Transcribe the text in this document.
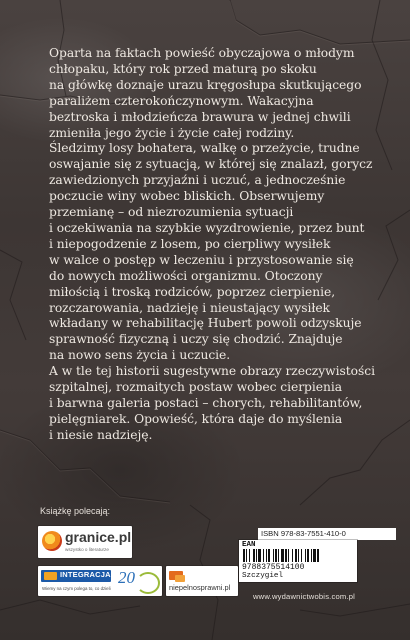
Oparta na faktach powieść obyczajowa o młodym
chłopaku, który rok przed maturą po skoku
na główkę doznaje urazu kręgosłupa skutkującego
paraliżem czterokończynowym. Wakacyjna
beztroska i młodzieńcza brawura w jednej chwili
zmieniła jego życie i życie całej rodziny.
Śledzimy losy bohatera, walkę o przeżycie, trudne
oswajanie się z sytuacją, w której się znalazł, gorycz
zawiedzionych przyjaźni i uczuć, a jednocześnie
poczucie winy wobec bliskich. Obserwujemy
przemianę – od niezrozumienia sytuacji
i oczekiwania na szybkie wyzdrowienie, przez bunt
i niepogodzenie z losem, po cierpliwy wysiłek
w walce o postęp w leczeniu i przystosowanie się
do nowych możliwości organizmu. Otoczony
miłością i troską rodziców, poprzez cierpienie,
rozczarowania, nadzieję i nieustający wysiłek
wkładany w rehabilitację Hubert powoli odzyskuje
sprawność fizyczną i uczy się chodzić. Znajduje
na nowo sens życia i uczucie.
A w tle tej historii sugestywne obrazy rzeczywistości
szpitalnej, rozmaitych postaw wobec cierpienia
i barwna galeria postaci – chorych, rehabilitantów,
pielęgniarek. Opowieść, która daje do myślenia
i niesie nadzieję.

Książkę polecają:
granice.pl
wszystko o literaturze
INTEGRACJA
Wiemy na czym polega to, co dzieli
20
niepelnosprawni.pl
ISBN 978-83-7551-410-0
EAN
9788375514100
Szczygiel
www.wydawnictwobis.com.pl
